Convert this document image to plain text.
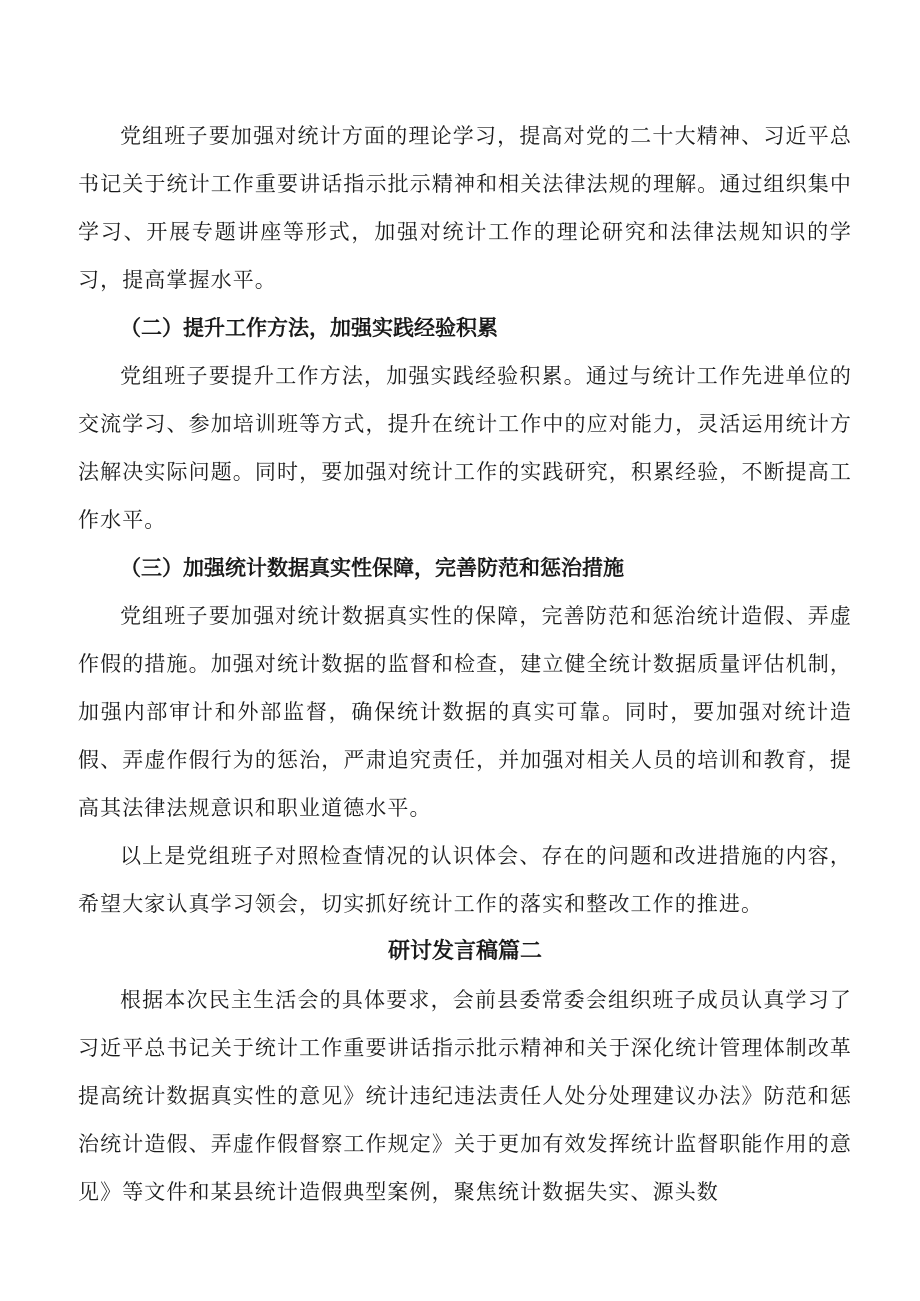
党组班子要加强对统计方面的理论学习，提高对党的二十大精神、习近平总书记关于统计工作重要讲话指示批示精神和相关法律法规的理解。通过组织集中学习、开展专题讲座等形式，加强对统计工作的理论研究和法律法规知识的学习，提高掌握水平。

（二）提升工作方法，加强实践经验积累

党组班子要提升工作方法，加强实践经验积累。通过与统计工作先进单位的交流学习、参加培训班等方式，提升在统计工作中的应对能力，灵活运用统计方法解决实际问题。同时，要加强对统计工作的实践研究，积累经验，不断提高工作水平。

（三）加强统计数据真实性保障，完善防范和惩治措施

党组班子要加强对统计数据真实性的保障，完善防范和惩治统计造假、弄虚作假的措施。加强对统计数据的监督和检查，建立健全统计数据质量评估机制，加强内部审计和外部监督，确保统计数据的真实可靠。同时，要加强对统计造假、弄虚作假行为的惩治，严肃追究责任，并加强对相关人员的培训和教育，提高其法律法规意识和职业道德水平。

以上是党组班子对照检查情况的认识体会、存在的问题和改进措施的内容，希望大家认真学习领会，切实抓好统计工作的落实和整改工作的推进。

研讨发言稿篇二

根据本次民主生活会的具体要求，会前县委常委会组织班子成员认真学习了习近平总书记关于统计工作重要讲话指示批示精神和关于深化统计管理体制改革提高统计数据真实性的意见》统计违纪违法责任人处分处理建议办法》防范和惩治统计造假、弄虚作假督察工作规定》关于更加有效发挥统计监督职能作用的意见》等文件和某县统计造假典型案例，聚焦统计数据失实、源头数
